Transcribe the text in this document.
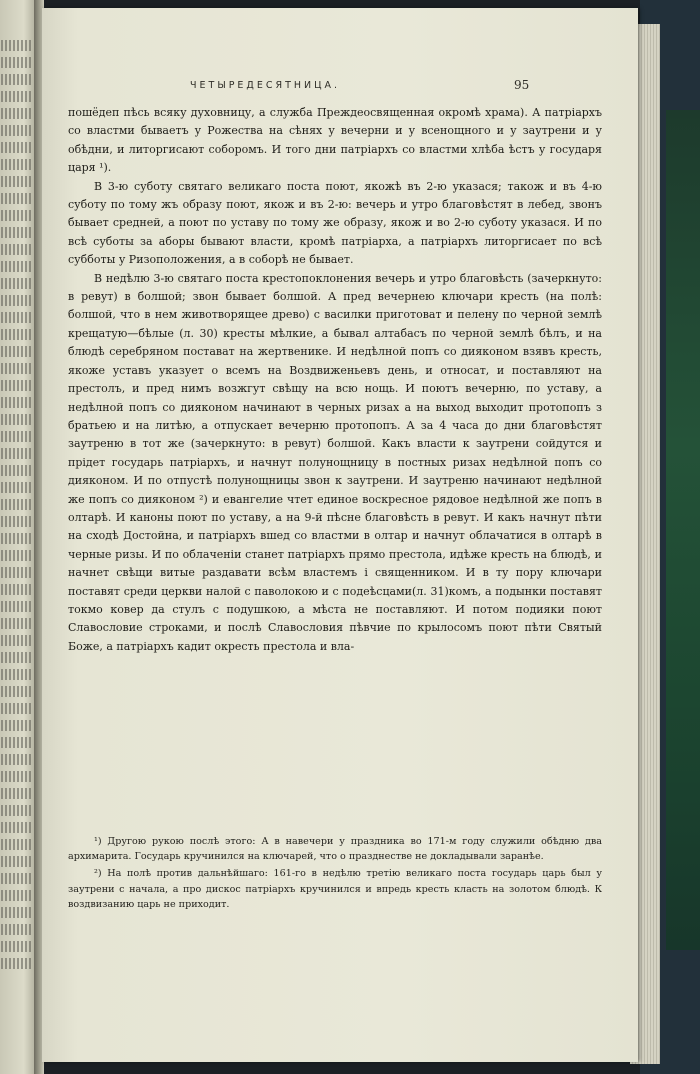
ЧЕТЫРЕДЕСЯТНИЦА.	95

пошёдеп пѣсь всяку духовницу, а служба Преждеосвященная окромѣ храма). А патріархъ со властми бываетъ у Рожества на сѣнях у вечерни и у всенощного и у заутрени и у обѣдни, и литоргисают соборомъ. И того дни патріархъ со властми хлѣба ѣстъ у государя царя ¹).

В 3-ю суботу святаго великаго поста поют, якожѣ въ 2-ю указася; також и въ 4-ю суботу по тому жъ образу поют, якож и въ 2-ю: вечерь и утро благовѣстят в лебед, звонъ бывает средней, а поют по уставу по тому же образу, якож и во 2-ю суботу указася. И по всѣ суботы за аборы бывают власти, кромѣ патріарха, а патріархъ литоргисает по всѣ субботы у Ризоположения, а в соборѣ не бывает.

В недѣлю 3-ю святаго поста крестопоклонения вечерь и утро благовѣсть (зачеркнуто: в ревут) в болшой; звон бывает болшой. А пред вечернею ключари кресть (на полѣ: болшой, что в нем животворящее древо) с василки приготоват и пелену по черной землѣ крещатую—бѣлые (л. 30) кресты мѣлкие, а бывал алтабасъ по черной землѣ бѣлъ, и на блюдѣ серебряном постават на жертвенике. И недѣлной попъ со дияконом взявъ кресть, якоже уставъ указует о всемъ на Воздвиженьевъ день, и относат, и поставляют на престолъ, и пред нимъ возжгут свѣщу на всю нощь. И поютъ вечерню, по уставу, а недѣлной попъ со дияконом начинают в черных ризах а на выход выходит протопопъ з братьею и на литѣю, а отпускает вечерню протопопъ. А за 4 часа до дни благовѣстят заутреню в тот же (зачеркнуто: в ревут) болшой. Какъ власти к заутрени сойдутся и прідет государь патріархъ, и начнут полунощницу в постных ризах недѣлной попъ со дияконом. И по отпустѣ полунощницы звон к заутрени. И заутреню начинают недѣлной же попъ со дияконом ²) и евангелие чтет единое воскресное рядовое недѣлной же попъ в олтарѣ. И каноны поют по уставу, а на 9-й пѣсне благовѣсть в ревут. И какъ начнут пѣти на сходѣ Достойна, и патріархъ вшед со властми в олтар и начнут облачатися в олтарѣ в черные ризы. И по облаченіи станет патріархъ прямо престола, идѣже кресть на блюдѣ, и начнет свѣщи витые раздавати всѣм властемъ і священником. И в ту пору ключари поставят среди церкви налой с паволокою и с подеѣсцами(л. 31)комъ, а подынки поставят токмо ковер да стулъ с подушкою, а мѣста не поставляют. И потом подияки поют Славословие строками, и послѣ Славословия пѣвчие по крылосомъ поют пѣти Святый Боже, а патріархъ кадит окресть престола и вла-

¹) Другою рукою послѣ этого: А в навечери у праздника во 171-м году служили обѣдню два архимарита. Государь кручинился на ключарей, что о празднестве не докладывали заранѣе.

²) На полѣ против дальнѣйшаго: 161-го в недѣлю третію великаго поста государь царь был у заутрени с начала, а про дискос патріархъ кручинился и впредь кресть класть на золотом блюдѣ. К воздвизанию царь не приходит.
